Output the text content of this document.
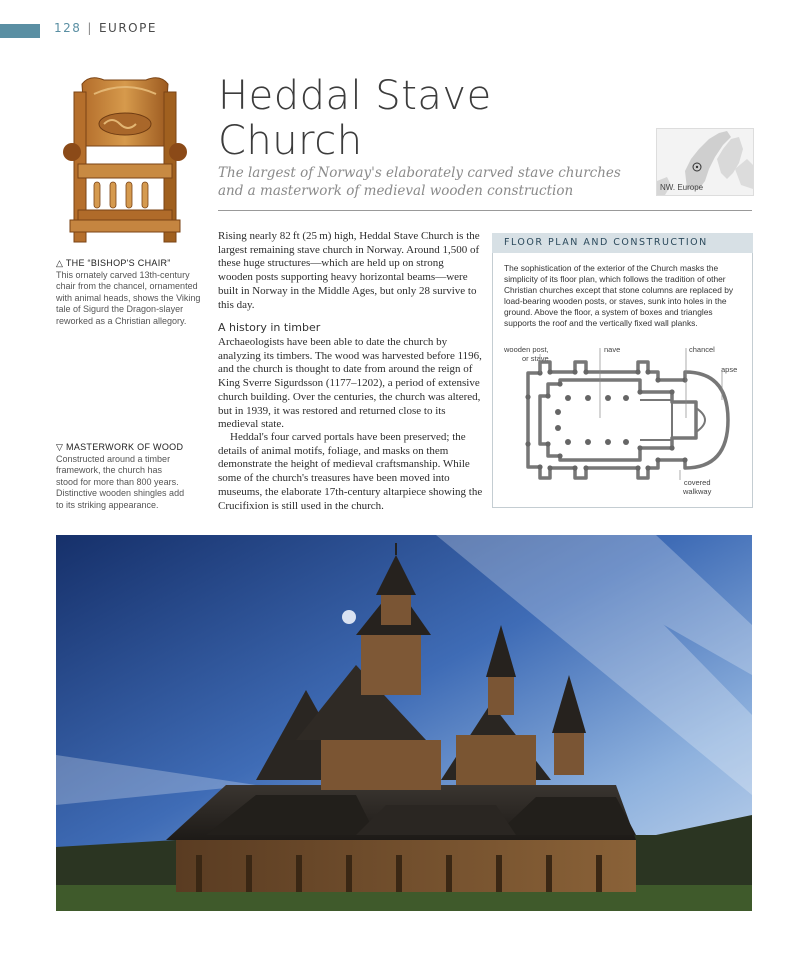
128 | EUROPE
△ THE “BISHOP'S CHAIR”
This ornately carved 13th-century chair from the chancel, ornamented with animal heads, shows the Viking tale of Sigurd the Dragon-slayer reworked as a Christian allegory.
▽ MASTERWORK OF WOOD
Constructed around a timber framework, the church has stood for more than 800 years. Distinctive wooden shingles add to its striking appearance.
Heddal Stave
Church
The largest of Norway's elaborately carved stave churches and a masterwork of medieval wooden construction	NW. Europe
Rising nearly 82 ft (25 m) high, Heddal Stave Church is the largest remaining stave church in Norway. Around 1,500 of these huge structures—which are held up on strong wooden posts supporting heavy horizontal beams—were built in Norway in the Middle Ages, but only 28 survive to this day.
A history in timber
Archaeologists have been able to date the church by analyzing its timbers. The wood was harvested before 1196, and the church is thought to date from around the reign of King Sverre Sigurdsson (1177–1202), a period of extensive church building. Over the centuries, the church was altered, but in 1939, it was restored and returned close to its medieval state.
Heddal's four carved portals have been preserved; the details of animal motifs, foliage, and masks on them demonstrate the height of medieval craftsmanship. While some of the church's treasures have been moved into museums, the elaborate 17th-century altarpiece showing the Crucifixion is still used in the church.
FLOOR PLAN AND CONSTRUCTION
The sophistication of the exterior of the Church masks the simplicity of its floor plan, which follows the tradition of other Christian churches except that stone columns are replaced by load-bearing wooden posts, or staves, sunk into holes in the ground. Above the floor, a system of boxes and triangles supports the roof and the vertically fixed wall planks.
wooden post,
or stave
nave	chancel
apse
covered
walkway
